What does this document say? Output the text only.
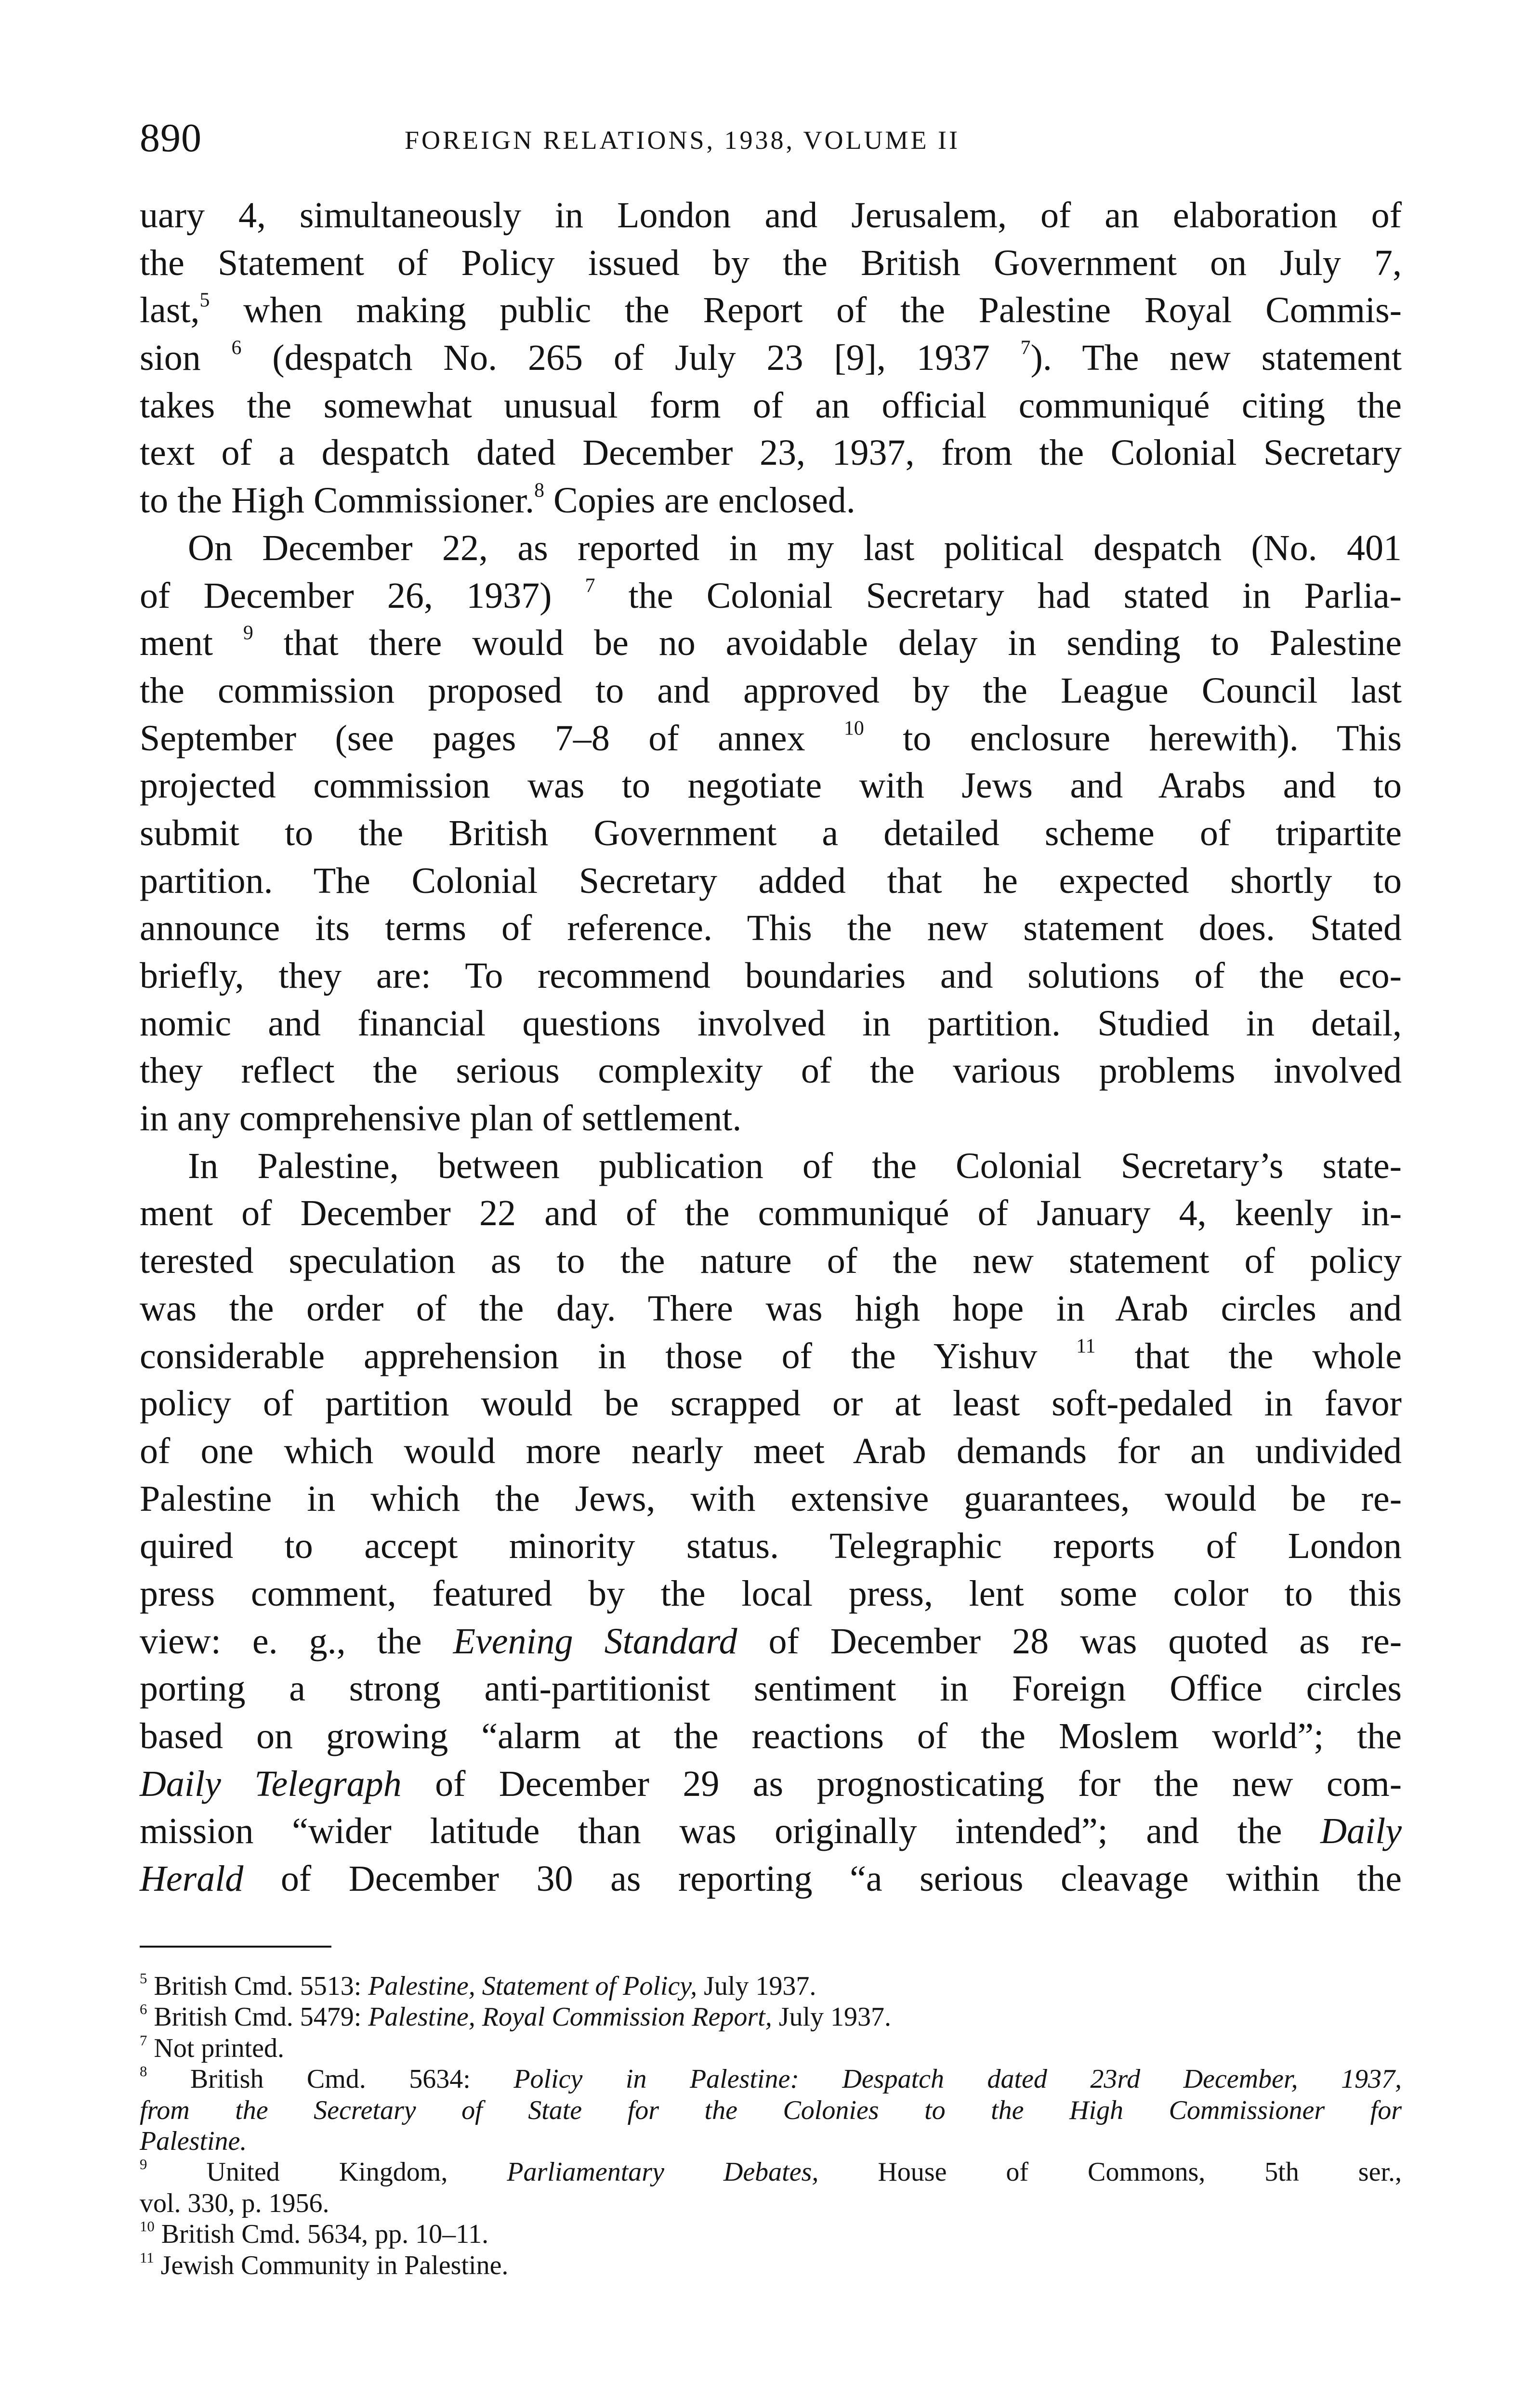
890	FOREIGN RELATIONS, 1938, VOLUME II
uary 4, simultaneously in London and Jerusalem, of an elaboration of
the Statement of Policy issued by the British Government on July 7,
last,$^5$ when making public the Report of the Palestine Royal Commis-
sion $^6$ (despatch No. 265 of July 23 [9], 1937 $^7$). The new statement
takes the somewhat unusual form of an official communiqué citing the
text of a despatch dated December 23, 1937, from the Colonial Secretary
to the High Commissioner.$^8$ Copies are enclosed.
On December 22, as reported in my last political despatch (No. 401
of December 26, 1937) $^7$ the Colonial Secretary had stated in Parlia-
ment $^9$ that there would be no avoidable delay in sending to Palestine
the commission proposed to and approved by the League Council last
September (see pages 7–8 of annex $^{10}$ to enclosure herewith). This
projected commission was to negotiate with Jews and Arabs and to
submit to the British Government a detailed scheme of tripartite
partition. The Colonial Secretary added that he expected shortly to
announce its terms of reference. This the new statement does. Stated
briefly, they are: To recommend boundaries and solutions of the eco-
nomic and financial questions involved in partition. Studied in detail,
they reflect the serious complexity of the various problems involved
in any comprehensive plan of settlement.
In Palestine, between publication of the Colonial Secretary’s state-
ment of December 22 and of the communiqué of January 4, keenly in-
terested speculation as to the nature of the new statement of policy
was the order of the day. There was high hope in Arab circles and
considerable apprehension in those of the Yishuv $^{11}$ that the whole
policy of partition would be scrapped or at least soft-pedaled in favor
of one which would more nearly meet Arab demands for an undivided
Palestine in which the Jews, with extensive guarantees, would be re-
quired to accept minority status. Telegraphic reports of London
press comment, featured by the local press, lent some color to this
view: e. g., the Evening Standard of December 28 was quoted as re-
porting a strong anti-partitionist sentiment in Foreign Office circles
based on growing “alarm at the reactions of the Moslem world”; the
Daily Telegraph of December 29 as prognosticating for the new com-
mission “wider latitude than was originally intended”; and the Daily
Herald of December 30 as reporting “a serious cleavage within the
$^5$ British Cmd. 5513: Palestine, Statement of Policy, July 1937.
$^6$ British Cmd. 5479: Palestine, Royal Commission Report, July 1937.
$^7$ Not printed.
$^8$ British Cmd. 5634: Policy in Palestine: Despatch dated 23rd December, 1937,
from the Secretary of State for the Colonies to the High Commissioner for
Palestine.
$^9$ United Kingdom, Parliamentary Debates, House of Commons, 5th ser.,
vol. 330, p. 1956.
$^{10}$ British Cmd. 5634, pp. 10–11.
$^{11}$ Jewish Community in Palestine.
